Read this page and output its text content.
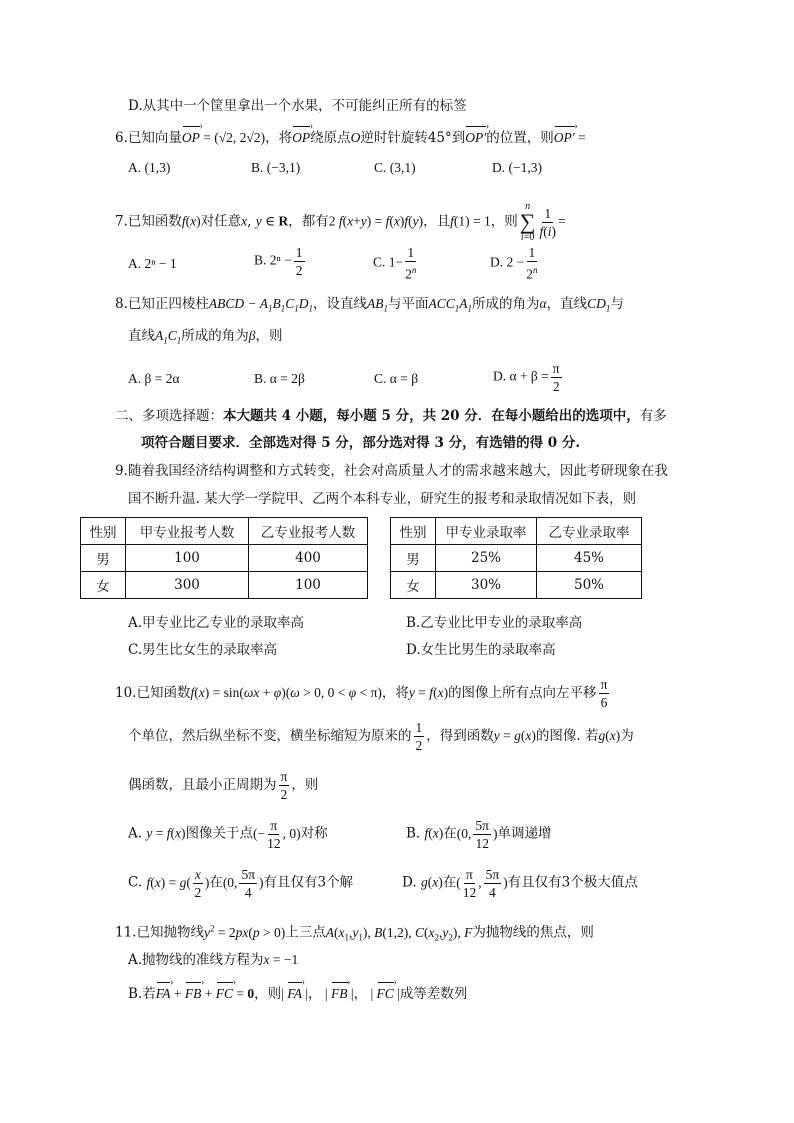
D.从其中一个筐里拿出一个水果，不可能纠正所有的标签
6.已知向量OP › = (√2, 2√2)，将OP ›绕原点O逆时针旋转45°到OP′ ›的位置，则OP′ › =
A. (1,3)	B. (−3,1)	C. (3,1)	D. (−1,3)
7.已知函数f(x)对任意x, y ∈ R，都有2 f(x+y) = f(x)f(y)，且f(1) = 1，则
n
∑
$i=0 \frac{1}{f(i)}$ =
A. 2ⁿ − 1	B. $2^n - \frac{1}{2}$	C. $1- \frac{1}{2^n}$	D. $2 - \frac{1}{2^n}$
8.已知正四棱柱ABCD − $A_1B_1C_1D_1$，设直线$AB_1$与平面$ACC_1A_1$所成的角为α，直线$CD_1$与
直线$A_1C_1$所成的角为β，则
A. β = 2α	B. α = 2β	C. α = β	D. $\alpha + \beta = \frac{\pi}{2}$
二、多项选择题：本大题共 4 小题，每小题 5 分，共 20 分．在每小题给出的选项中，有多
项符合题目要求．全部选对得 5 分，部分选对得 3 分，有选错的得 0 分.
9.随着我国经济结构调整和方式转变，社会对高质量人才的需求越来越大，因此考研现象在我
国不断升温. 某大学一学院甲、乙两个本科专业，研究生的报考和录取情况如下表，则
性别	甲专业报考人数	乙专业报考人数
男	100	400
女	300	100
性别	甲专业录取率	乙专业录取率
男	25%	45%
女	30%	50%
A.甲专业比乙专业的录取率高	B.乙专业比甲专业的录取率高
C.男生比女生的录取率高	D.女生比男生的录取率高
10.已知函数f(x) = sin(ωx + φ)(ω > 0, 0 < φ < π)，将y = f(x)的图像上所有点向左平移 $\frac{\pi}{6}$
个单位，然后纵坐标不变，横坐标缩短为原来的 $\frac{1}{2}$ ，得到函数y = g(x)的图像. 若g(x)为
偶函数，且最小正周期为 $\frac{\pi}{2}$ ，则
A. y = f(x)图像关于点(− $\frac{\pi}{12}$ , 0)对称	B. f(x)在(0, $\frac{5\pi}{12}$ )单调递增
C. $f(x) = g( \frac{x}{2}$ )在(0, $\frac{5\pi}{4}$ )有且仅有3个解	D. g(x)在( $\frac{\pi}{12}$ , $\frac{5\pi}{4}$ )有且仅有3个极大值点
11.已知抛物线$y^2 = 2px(p > 0)$上三点$A(x_1,y_1)$, B(1,2), $C(x_2,y_2)$, F为抛物线的焦点，则
A.抛物线的准线方程为x = −1
B.若FA › + FB › + FC › = 0，则| FA › |， | FB › |， | FC › |成等差数列
